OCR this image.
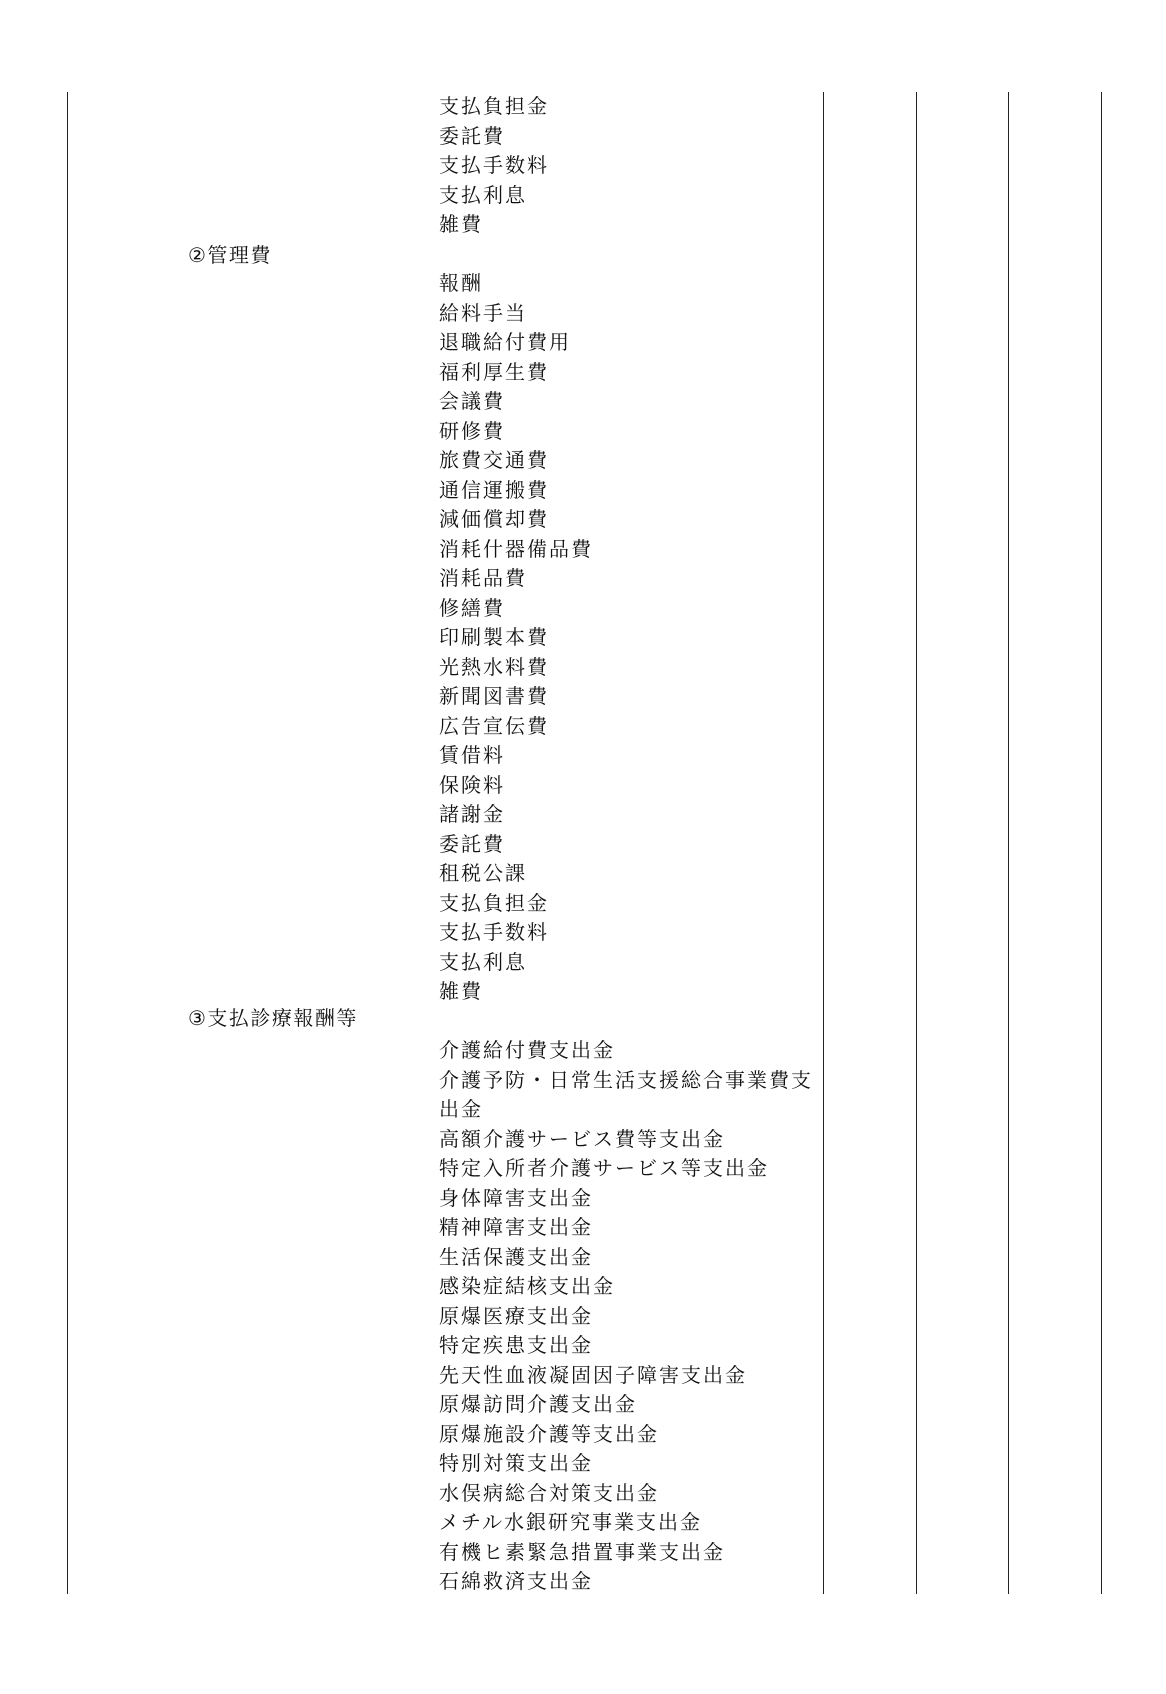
②管理費
③支払診療報酬等
支払負担金
委託費
支払手数料
支払利息
雑費
報酬
給料手当
退職給付費用
福利厚生費
会議費
研修費
旅費交通費
通信運搬費
減価償却費
消耗什器備品費
消耗品費
修繕費
印刷製本費
光熱水料費
新聞図書費
広告宣伝費
賃借料
保険料
諸謝金
委託費
租税公課
支払負担金
支払手数料
支払利息
雑費
介護給付費支出金
介護予防・日常生活支援総合事業費支出金
高額介護サービス費等支出金
特定入所者介護サービス等支出金
身体障害支出金
精神障害支出金
生活保護支出金
感染症結核支出金
原爆医療支出金
特定疾患支出金
先天性血液凝固因子障害支出金
原爆訪問介護支出金
原爆施設介護等支出金
特別対策支出金
水俣病総合対策支出金
メチル水銀研究事業支出金
有機ヒ素緊急措置事業支出金
石綿救済支出金
